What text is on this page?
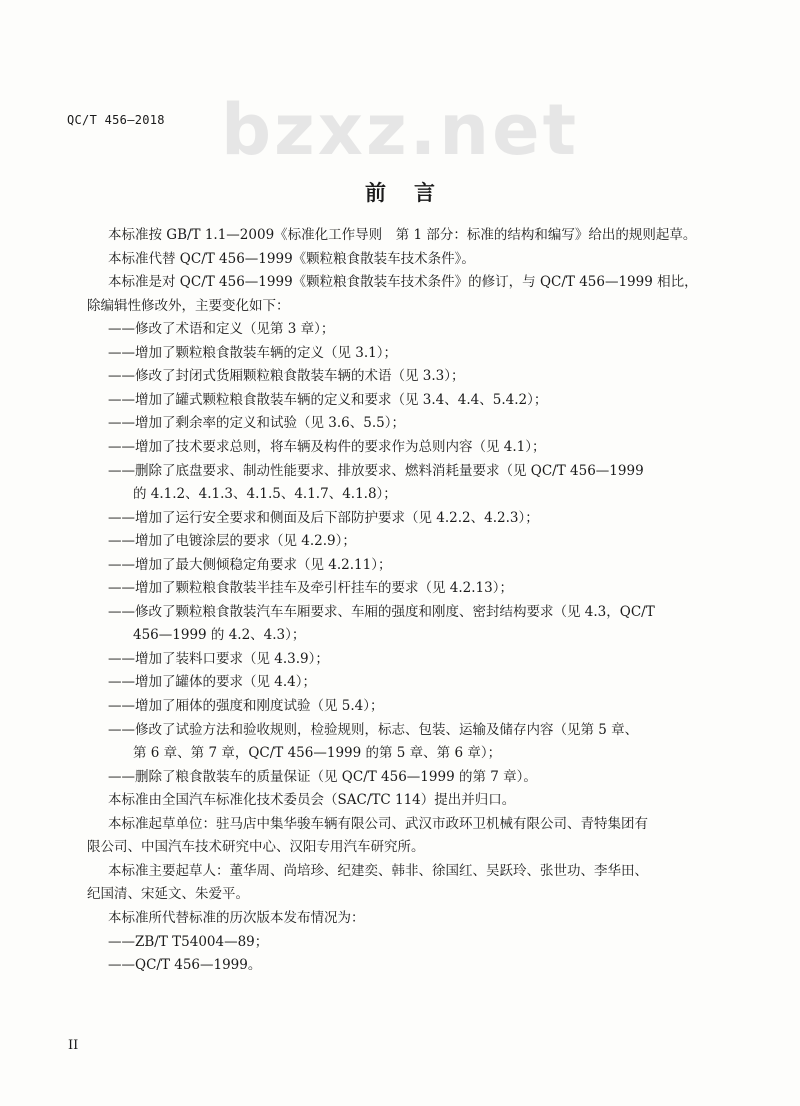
QC/T 456—2018 bzxz.net
前言
本标准按 GB/T 1.1—2009《标准化工作导则　第 1 部分：标准的结构和编写》给出的规则起草。
本标准代替 QC/T 456—1999《颗粒粮食散装车技术条件》。
本标准是对 QC/T 456—1999《颗粒粮食散装车技术条件》的修订，与 QC/T 456—1999 相比，
除编辑性修改外，主要变化如下：
——修改了术语和定义（见第 3 章）；
——增加了颗粒粮食散装车辆的定义（见 3.1）；
——修改了封闭式货厢颗粒粮食散装车辆的术语（见 3.3）；
——增加了罐式颗粒粮食散装车辆的定义和要求（见 3.4、4.4、5.4.2）；
——增加了剩余率的定义和试验（见 3.6、5.5）；
——增加了技术要求总则，将车辆及构件的要求作为总则内容（见 4.1）；
——删除了底盘要求、制动性能要求、排放要求、燃料消耗量要求（见 QC/T 456—1999
的 4.1.2、4.1.3、4.1.5、4.1.7、4.1.8）；
——增加了运行安全要求和侧面及后下部防护要求（见 4.2.2、4.2.3）；
——增加了电镀涂层的要求（见 4.2.9）；
——增加了最大侧倾稳定角要求（见 4.2.11）；
——增加了颗粒粮食散装半挂车及牵引杆挂车的要求（见 4.2.13）；
——修改了颗粒粮食散装汽车车厢要求、车厢的强度和刚度、密封结构要求（见 4.3，QC/T
456—1999 的 4.2、4.3）；
——增加了装料口要求（见 4.3.9）；
——增加了罐体的要求（见 4.4）；
——增加了厢体的强度和刚度试验（见 5.4）；
——修改了试验方法和验收规则，检验规则，标志、包装、运输及储存内容（见第 5 章、
第 6 章、第 7 章，QC/T 456—1999 的第 5 章、第 6 章）；
——删除了粮食散装车的质量保证（见 QC/T 456—1999 的第 7 章）。
本标准由全国汽车标准化技术委员会（SAC/TC 114）提出并归口。
本标准起草单位：驻马店中集华骏车辆有限公司、武汉市政环卫机械有限公司、青特集团有
限公司、中国汽车技术研究中心、汉阳专用汽车研究所。
本标准主要起草人：董华周、尚培珍、纪建奕、韩非、徐国红、吴跃玲、张世功、李华田、
纪国清、宋延文、朱爱平。
本标准所代替标准的历次版本发布情况为：
——ZB/T T54004—89；
——QC/T 456—1999。
II
